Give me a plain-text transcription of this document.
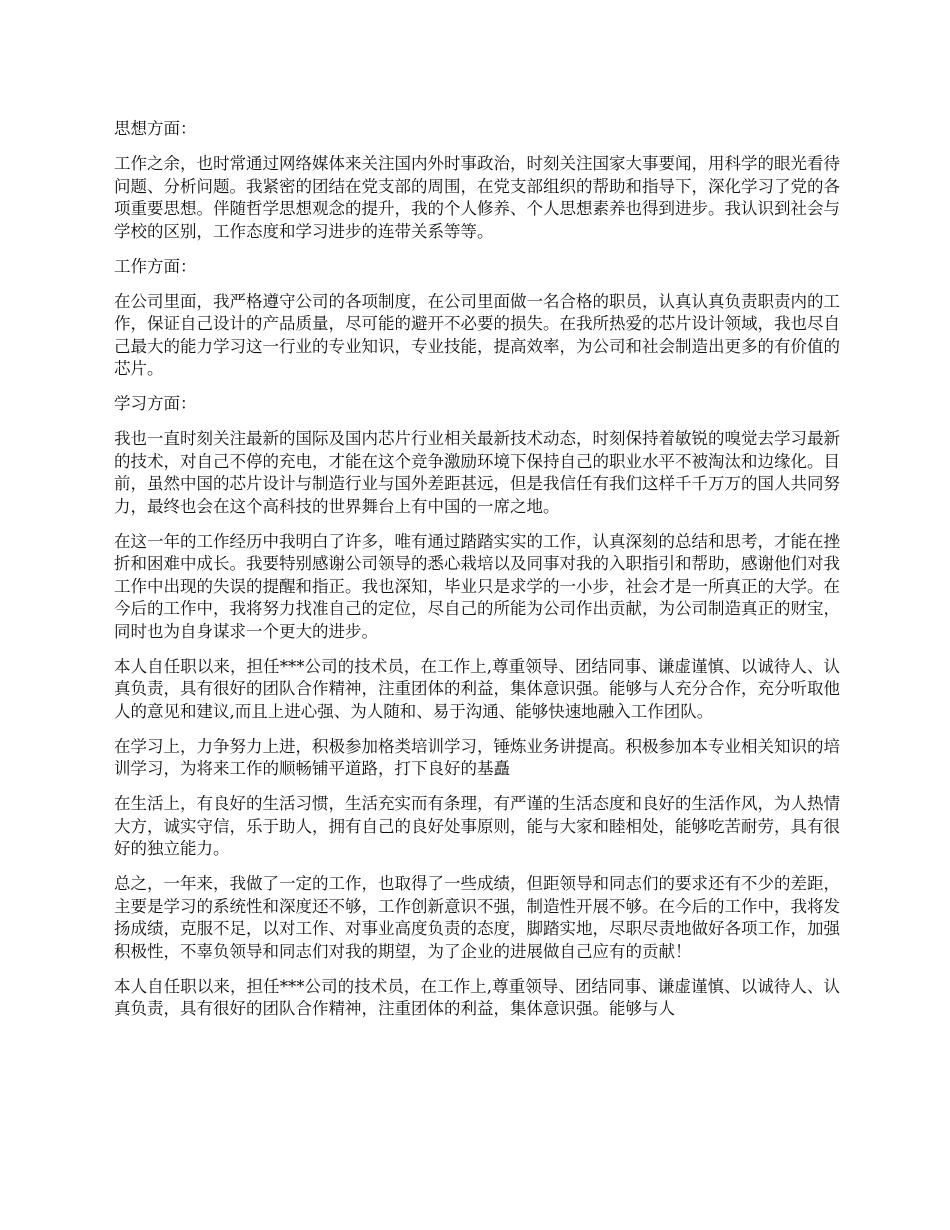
思想方面：

工作之余，也时常通过网络媒体来关注国内外时事政治，时刻关注国家大事要闻，用科学的眼光看待问题、分析问题。我紧密的团结在党支部的周围，在党支部组织的帮助和指导下，深化学习了党的各项重要思想。伴随哲学思想观念的提升，我的个人修养、个人思想素养也得到进步。我认识到社会与学校的区别，工作态度和学习进步的连带关系等等。

工作方面：

在公司里面，我严格遵守公司的各项制度，在公司里面做一名合格的职员，认真认真负责职责内的工作，保证自己设计的产品质量，尽可能的避开不必要的损失。在我所热爱的芯片设计领域，我也尽自己最大的能力学习这一行业的专业知识，专业技能，提高效率，为公司和社会制造出更多的有价值的芯片。

学习方面：

我也一直时刻关注最新的国际及国内芯片行业相关最新技术动态，时刻保持着敏锐的嗅觉去学习最新的技术，对自己不停的充电，才能在这个竞争激励环境下保持自己的职业水平不被淘汰和边缘化。目前，虽然中国的芯片设计与制造行业与国外差距甚远，但是我信任有我们这样千千万万的国人共同努力，最终也会在这个高科技的世界舞台上有中国的一席之地。

在这一年的工作经历中我明白了许多，唯有通过踏踏实实的工作，认真深刻的总结和思考，才能在挫折和困难中成长。我要特别感谢公司领导的悉心栽培以及同事对我的入职指引和帮助，感谢他们对我工作中出现的失误的提醒和指正。我也深知，毕业只是求学的一小步，社会才是一所真正的大学。在今后的工作中，我将努力找准自己的定位，尽自己的所能为公司作出贡献，为公司制造真正的财宝，同时也为自身谋求一个更大的进步。

本人自任职以来，担任***公司的技术员，在工作上,尊重领导、团结同事、谦虚谨慎、以诚待人、认真负责，具有很好的团队合作精神，注重团体的利益，集体意识强。能够与人充分合作，充分听取他人的意见和建议,而且上进心强、为人随和、易于沟通、能够快速地融入工作团队。

在学习上，力争努力上进，积极参加格类培训学习，锤炼业务讲提高。积极参加本专业相关知识的培训学习，为将来工作的顺畅铺平道路，打下良好的基矗

在生活上，有良好的生活习惯，生活充实而有条理，有严谨的生活态度和良好的生活作风，为人热情大方，诚实守信，乐于助人，拥有自己的良好处事原则，能与大家和睦相处，能够吃苦耐劳，具有很好的独立能力。

总之，一年来，我做了一定的工作，也取得了一些成绩，但距领导和同志们的要求还有不少的差距，主要是学习的系统性和深度还不够，工作创新意识不强，制造性开展不够。在今后的工作中，我将发扬成绩，克服不足，以对工作、对事业高度负责的态度，脚踏实地，尽职尽责地做好各项工作，加强积极性，不辜负领导和同志们对我的期望，为了企业的进展做自己应有的贡献！

本人自任职以来，担任***公司的技术员，在工作上,尊重领导、团结同事、谦虚谨慎、以诚待人、认真负责，具有很好的团队合作精神，注重团体的利益，集体意识强。能够与人
